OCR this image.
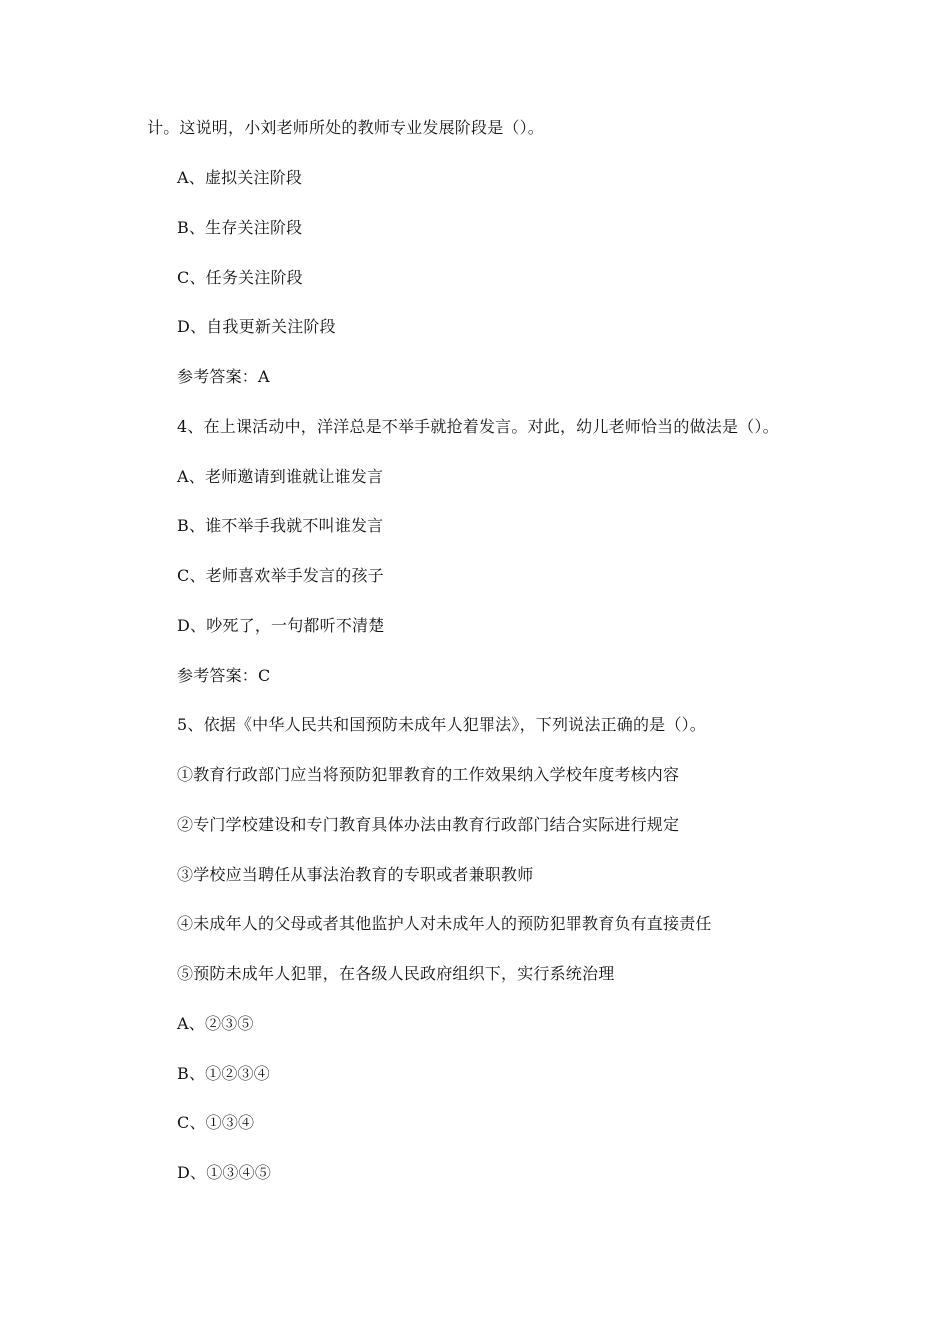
计。这说明，小刘老师所处的教师专业发展阶段是（）。
A、虚拟关注阶段
B、生存关注阶段
C、任务关注阶段
D、自我更新关注阶段
参考答案：A
4、在上课活动中，洋洋总是不举手就抢着发言。对此，幼儿老师恰当的做法是（）。
A、老师邀请到谁就让谁发言
B、谁不举手我就不叫谁发言
C、老师喜欢举手发言的孩子
D、吵死了，一句都听不清楚
参考答案：C
5、依据《中华人民共和国预防未成年人犯罪法》，下列说法正确的是（）。
①教育行政部门应当将预防犯罪教育的工作效果纳入学校年度考核内容
②专门学校建设和专门教育具体办法由教育行政部门结合实际进行规定
③学校应当聘任从事法治教育的专职或者兼职教师
④未成年人的父母或者其他监护人对未成年人的预防犯罪教育负有直接责任
⑤预防未成年人犯罪，在各级人民政府组织下，实行系统治理
A、②③⑤
B、①②③④
C、①③④
D、①③④⑤
